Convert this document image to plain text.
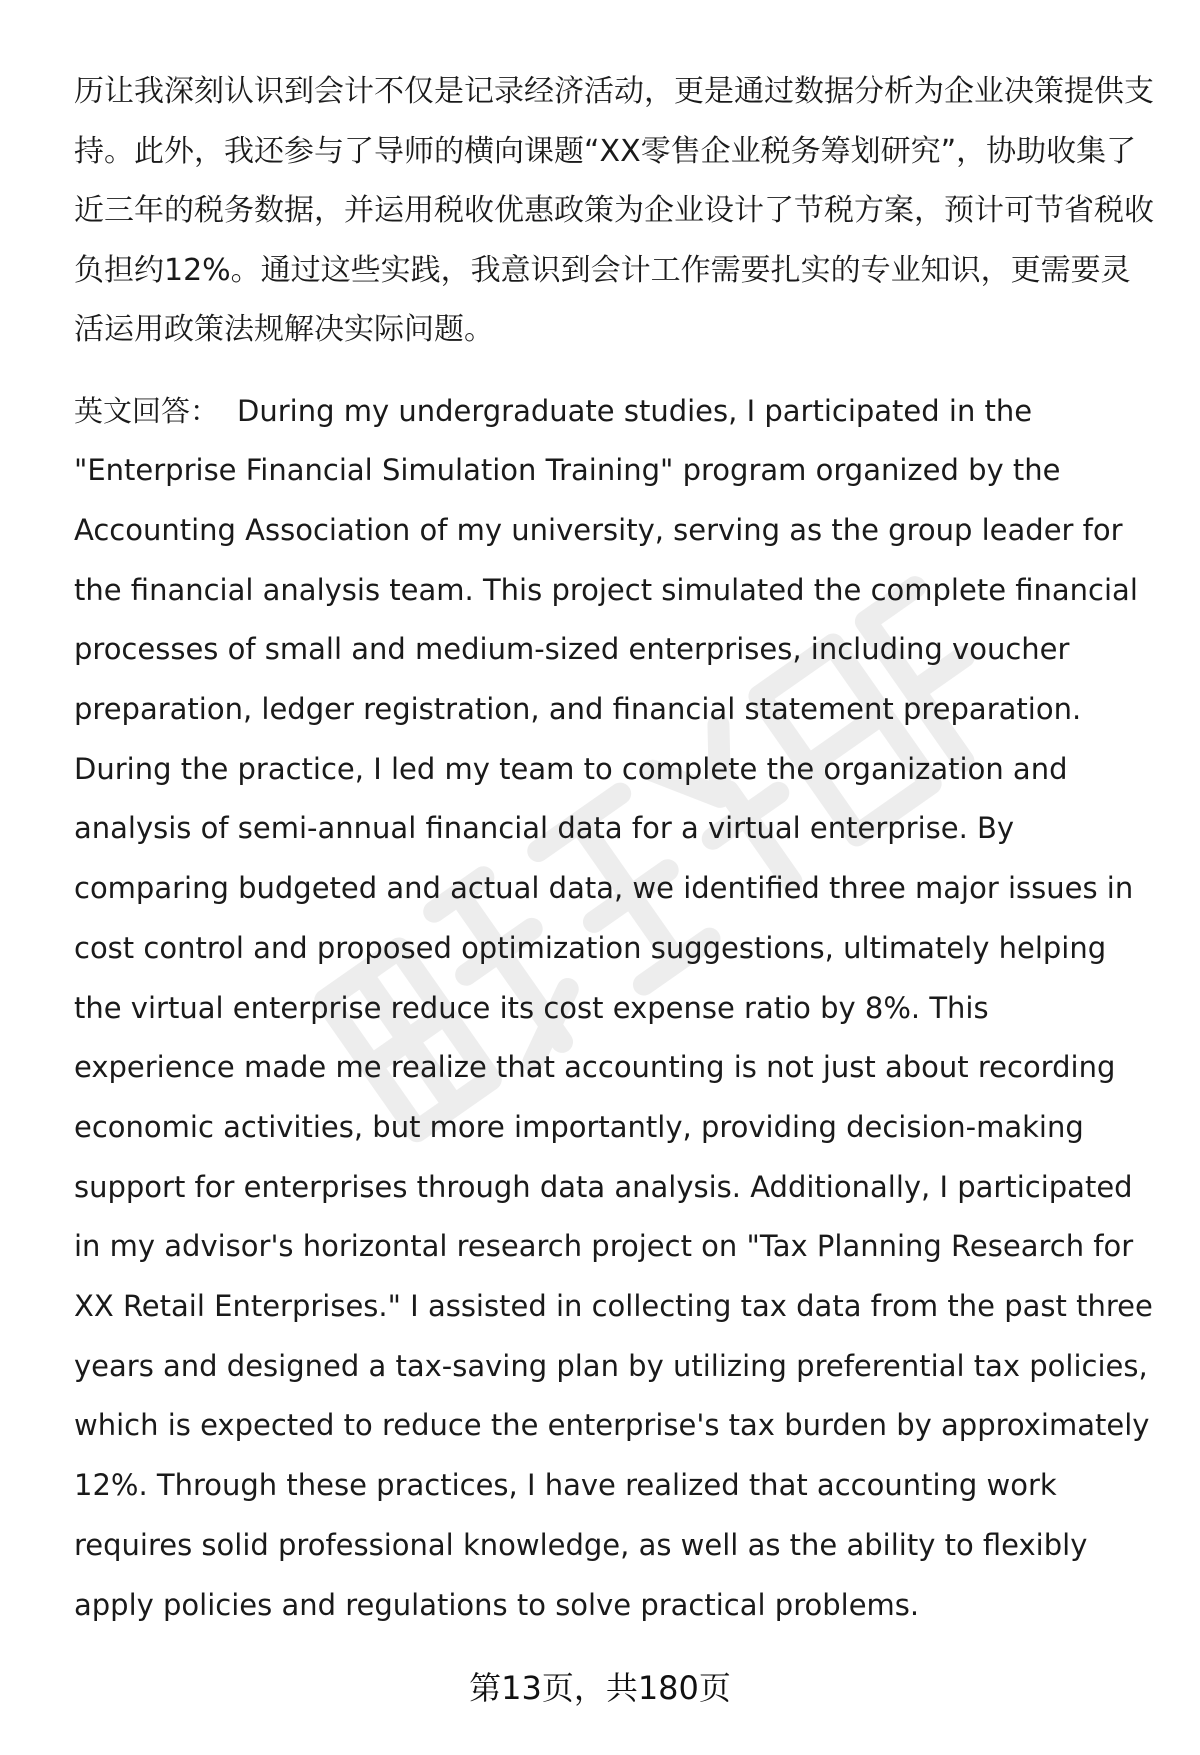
历让我深刻认识到会计不仅是记录经济活动，更是通过数据分析为企业决策提供支持。此外，我还参与了导师的横向课题“XX零售企业税务筹划研究”，协助收集了近三年的税务数据，并运用税收优惠政策为企业设计了节税方案，预计可节省税收负担约12%。通过这些实践，我意识到会计工作需要扎实的专业知识，更需要灵活运用政策法规解决实际问题。

英文回答： During my undergraduate studies, I participated in the "Enterprise Financial Simulation Training" program organized by the Accounting Association of my university, serving as the group leader for the financial analysis team. This project simulated the complete financial processes of small and medium-sized enterprises, including voucher preparation, ledger registration, and financial statement preparation. During the practice, I led my team to complete the organization and analysis of semi-annual financial data for a virtual enterprise. By comparing budgeted and actual data, we identified three major issues in cost control and proposed optimization suggestions, ultimately helping the virtual enterprise reduce its cost expense ratio by 8%. This experience made me realize that accounting is not just about recording economic activities, but more importantly, providing decision-making support for enterprises through data analysis. Additionally, I participated in my advisor's horizontal research project on "Tax Planning Research for XX Retail Enterprises." I assisted in collecting tax data from the past three years and designed a tax-saving plan by utilizing preferential tax policies, which is expected to reduce the enterprise's tax burden by approximately 12%. Through these practices, I have realized that accounting work requires solid professional knowledge, as well as the ability to flexibly apply policies and regulations to solve practical problems.

第13页，共180页
